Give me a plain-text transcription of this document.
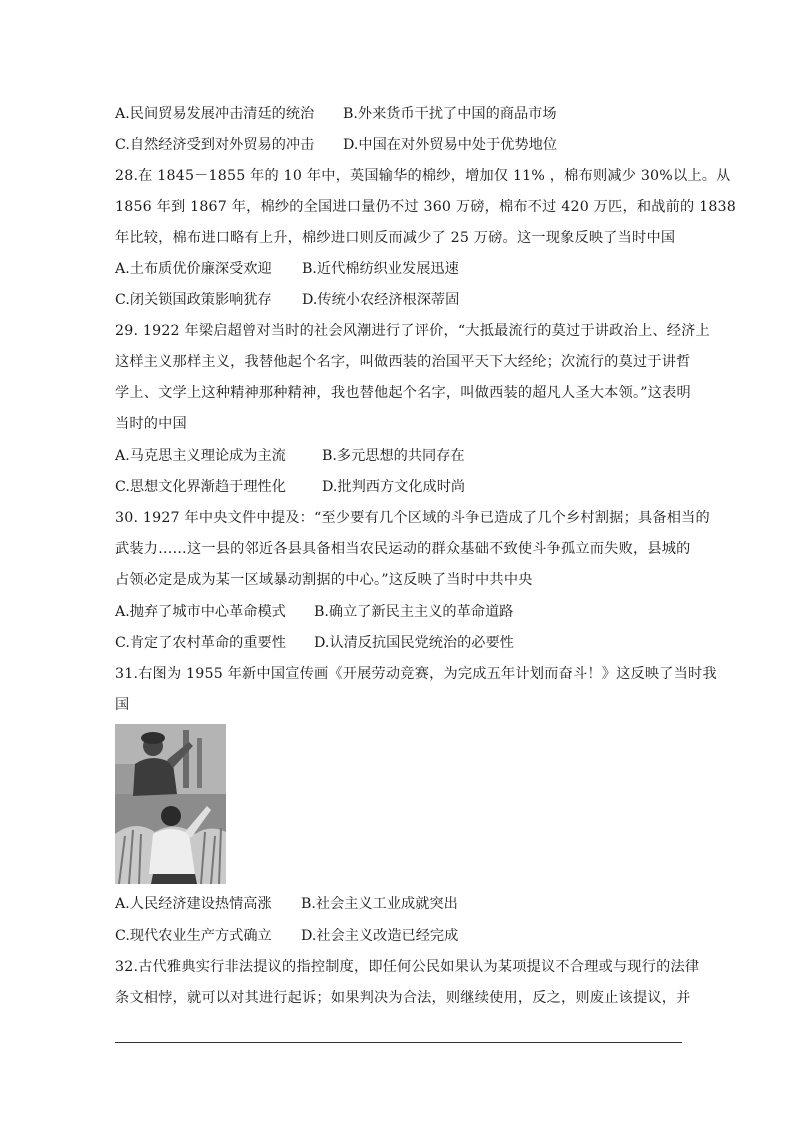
A.民间贸易发展冲击清廷的统治 B.外来货币干扰了中国的商品市场
C.自然经济受到对外贸易的冲击 D.中国在对外贸易中处于优势地位
28.在 1845－1855 年的 10 年中，英国输华的棉纱，增加仅 11% ，棉布则减少 30%以上。从
1856 年到 1867 年，棉纱的全国进口量仍不过 360 万磅，棉布不过 420 万匹，和战前的 1838
年比较，棉布进口略有上升，棉纱进口则反而减少了 25 万磅。这一现象反映了当时中国
A.土布质优价廉深受欢迎 B.近代棉纺织业发展迅速
C.闭关锁国政策影响犹存 D.传统小农经济根深蒂固
29. 1922 年梁启超曾对当时的社会风潮进行了评价，“大抵最流行的莫过于讲政治上、经济上
这样主义那样主义，我替他起个名字，叫做西装的治国平天下大经纶；次流行的莫过于讲哲
学上、文学上这种精神那种精神，我也替他起个名字，叫做西装的超凡人圣大本领。”这表明
当时的中国
A.马克思主义理论成为主流	B.多元思想的共同存在
C.思想文化界渐趋于理性化	D.批判西方文化成时尚
30. 1927 年中央文件中提及：“至少要有几个区域的斗争已造成了几个乡村割据；具备相当的
武装力……这一县的邻近各县具备相当农民运动的群众基础不致使斗争孤立而失败，县城的
占领必定是成为某一区域暴动割据的中心。”这反映了当时中共中央
A.抛弃了城市中心革命模式 B.确立了新民主主义的革命道路
C.肯定了农村革命的重要性 D.认清反抗国民党统治的必要性
31.右图为 1955 年新中国宣传画《开展劳动竞赛，为完成五年计划而奋斗！》这反映了当时我
国
A.人民经济建设热情高涨 B.社会主义工业成就突出
C.现代农业生产方式确立 D.社会主义改造已经完成
32.古代雅典实行非法提议的指控制度，即任何公民如果认为某项提议不合理或与现行的法律
条文相悖，就可以对其进行起诉；如果判决为合法，则继续使用，反之，则废止该提议，并
